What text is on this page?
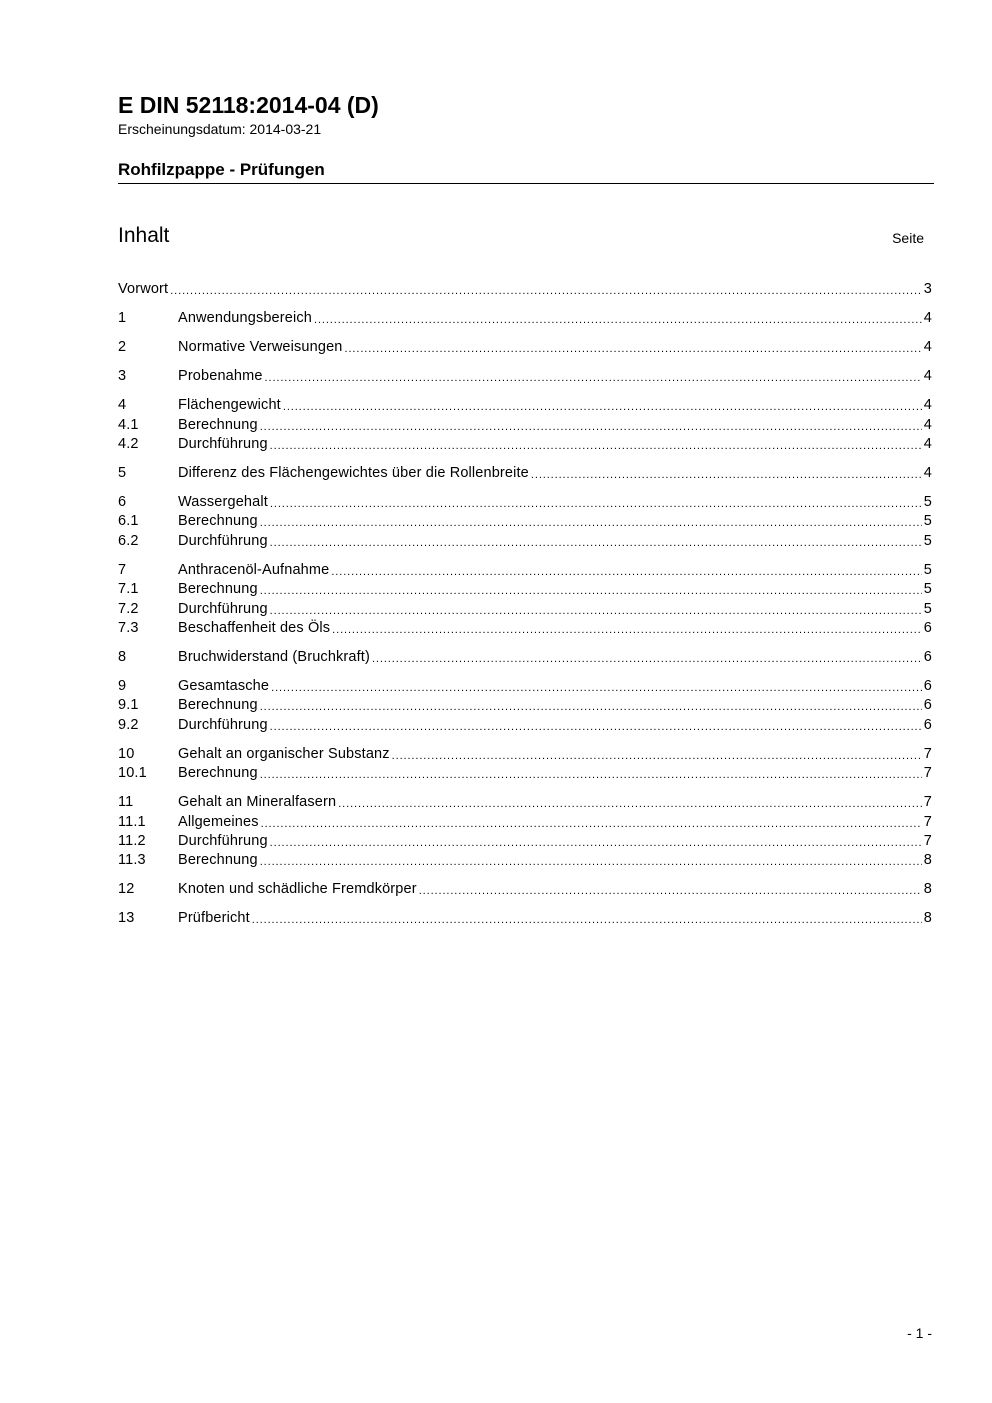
E DIN 52118:2014-04 (D)
Erscheinungsdatum: 2014-03-21
Rohfilzpappe - Prüfungen
Inhalt	Seite
Vorwort .....	3
1	Anwendungsbereich .....	4
2	Normative Verweisungen .....	4
3	Probenahme .....	4
4	Flächengewicht .....	4
4.1	Berechnung .....	4
4.2	Durchführung .....	4
5	Differenz des Flächengewichtes über die Rollenbreite .....	4
6	Wassergehalt .....	5
6.1	Berechnung .....	5
6.2	Durchführung .....	5
7	Anthracenöl-Aufnahme .....	5
7.1	Berechnung .....	5
7.2	Durchführung .....	5
7.3	Beschaffenheit des Öls .....	6
8	Bruchwiderstand (Bruchkraft) .....	6
9	Gesamtasche .....	6
9.1	Berechnung .....	6
9.2	Durchführung .....	6
10	Gehalt an organischer Substanz .....	7
10.1	Berechnung .....	7
11	Gehalt an Mineralfasern .....	7
11.1	Allgemeines .....	7
11.2	Durchführung .....	7
11.3	Berechnung .....	8
12	Knoten und schädliche Fremdkörper .....	8
13	Prüfbericht .....	8
- 1 -
